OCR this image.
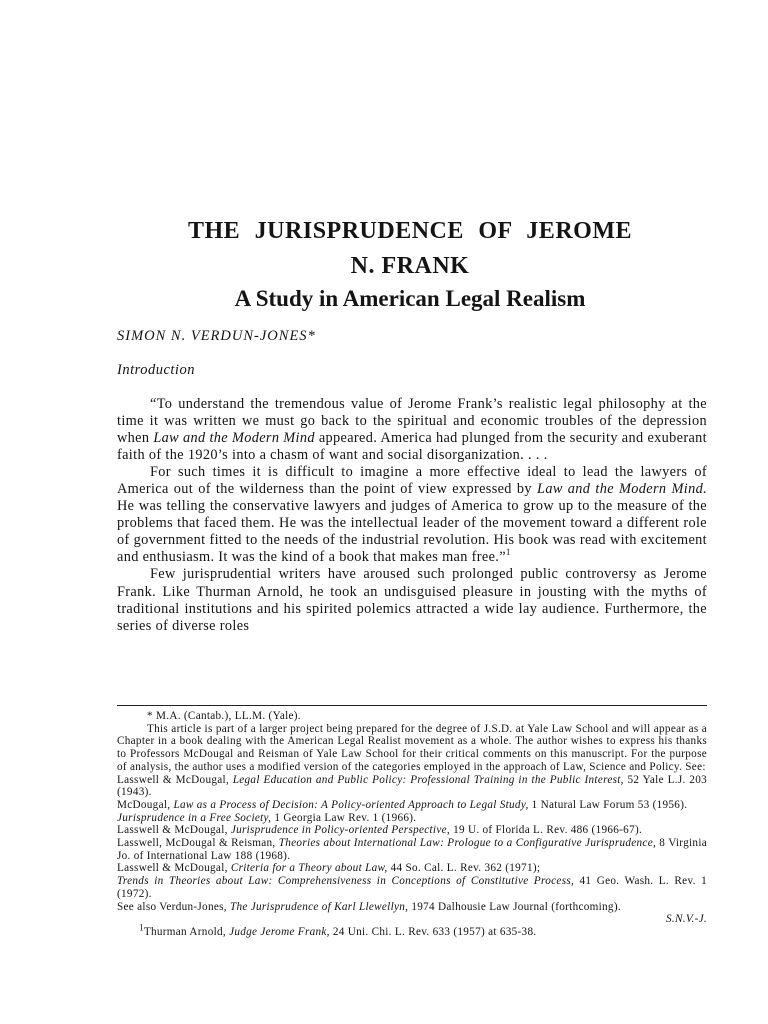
THE JURISPRUDENCE OF JEROME
N. FRANK
A Study in American Legal Realism
SIMON N. VERDUN-JONES*
Introduction

“To understand the tremendous value of Jerome Frank’s realistic legal philosophy at the time it was written we must go back to the spiritual and economic troubles of the depression when Law and the Modern Mind appeared. America had plunged from the security and exuberant faith of the 1920’s into a chasm of want and social disorganization. . . .

For such times it is difficult to imagine a more effective ideal to lead the lawyers of America out of the wilderness than the point of view expressed by Law and the Modern Mind. He was telling the conservative lawyers and judges of America to grow up to the measure of the problems that faced them. He was the intellectual leader of the movement toward a different role of government fitted to the needs of the industrial revolution. His book was read with excitement and enthusiasm. It was the kind of a book that makes man free.”$^1$

Few jurisprudential writers have aroused such prolonged public controversy as Jerome Frank. Like Thurman Arnold, he took an undisguised pleasure in jousting with the myths of traditional institutions and his spirited polemics attracted a wide lay audience. Furthermore, the series of diverse roles

* M.A. (Cantab.), LL.M. (Yale).

This article is part of a larger project being prepared for the degree of J.S.D. at Yale Law School and will appear as a Chapter in a book dealing with the American Legal Realist movement as a whole. The author wishes to express his thanks to Professors McDougal and Reisman of Yale Law School for their critical comments on this manuscript. For the purpose of analysis, the author uses a modified version of the categories employed in the approach of Law, Science and Policy. See:

Lasswell & McDougal, Legal Education and Public Policy: Professional Training in the Public Interest, 52 Yale L.J. 203 (1943).

McDougal, Law as a Process of Decision: A Policy-oriented Approach to Legal Study, 1 Natural Law Forum 53 (1956).

Jurisprudence in a Free Society, 1 Georgia Law Rev. 1 (1966).

Lasswell & McDougal, Jurisprudence in Policy-oriented Perspective, 19 U. of Florida L. Rev. 486 (1966-67).

Lasswell, McDougal & Reisman, Theories about International Law: Prologue to a Configurative Jurisprudence, 8 Virginia Jo. of International Law 188 (1968).

Lasswell & McDougal, Criteria for a Theory about Law, 44 So. Cal. L. Rev. 362 (1971);

Trends in Theories about Law: Comprehensiveness in Conceptions of Constitutive Process, 41 Geo. Wash. L. Rev. 1 (1972).

See also Verdun-Jones, The Jurisprudence of Karl Llewellyn, 1974 Dalhousie Law Journal (forthcoming).

S.N.V.-J.

$^1$Thurman Arnold, Judge Jerome Frank, 24 Uni. Chi. L. Rev. 633 (1957) at 635-38.
